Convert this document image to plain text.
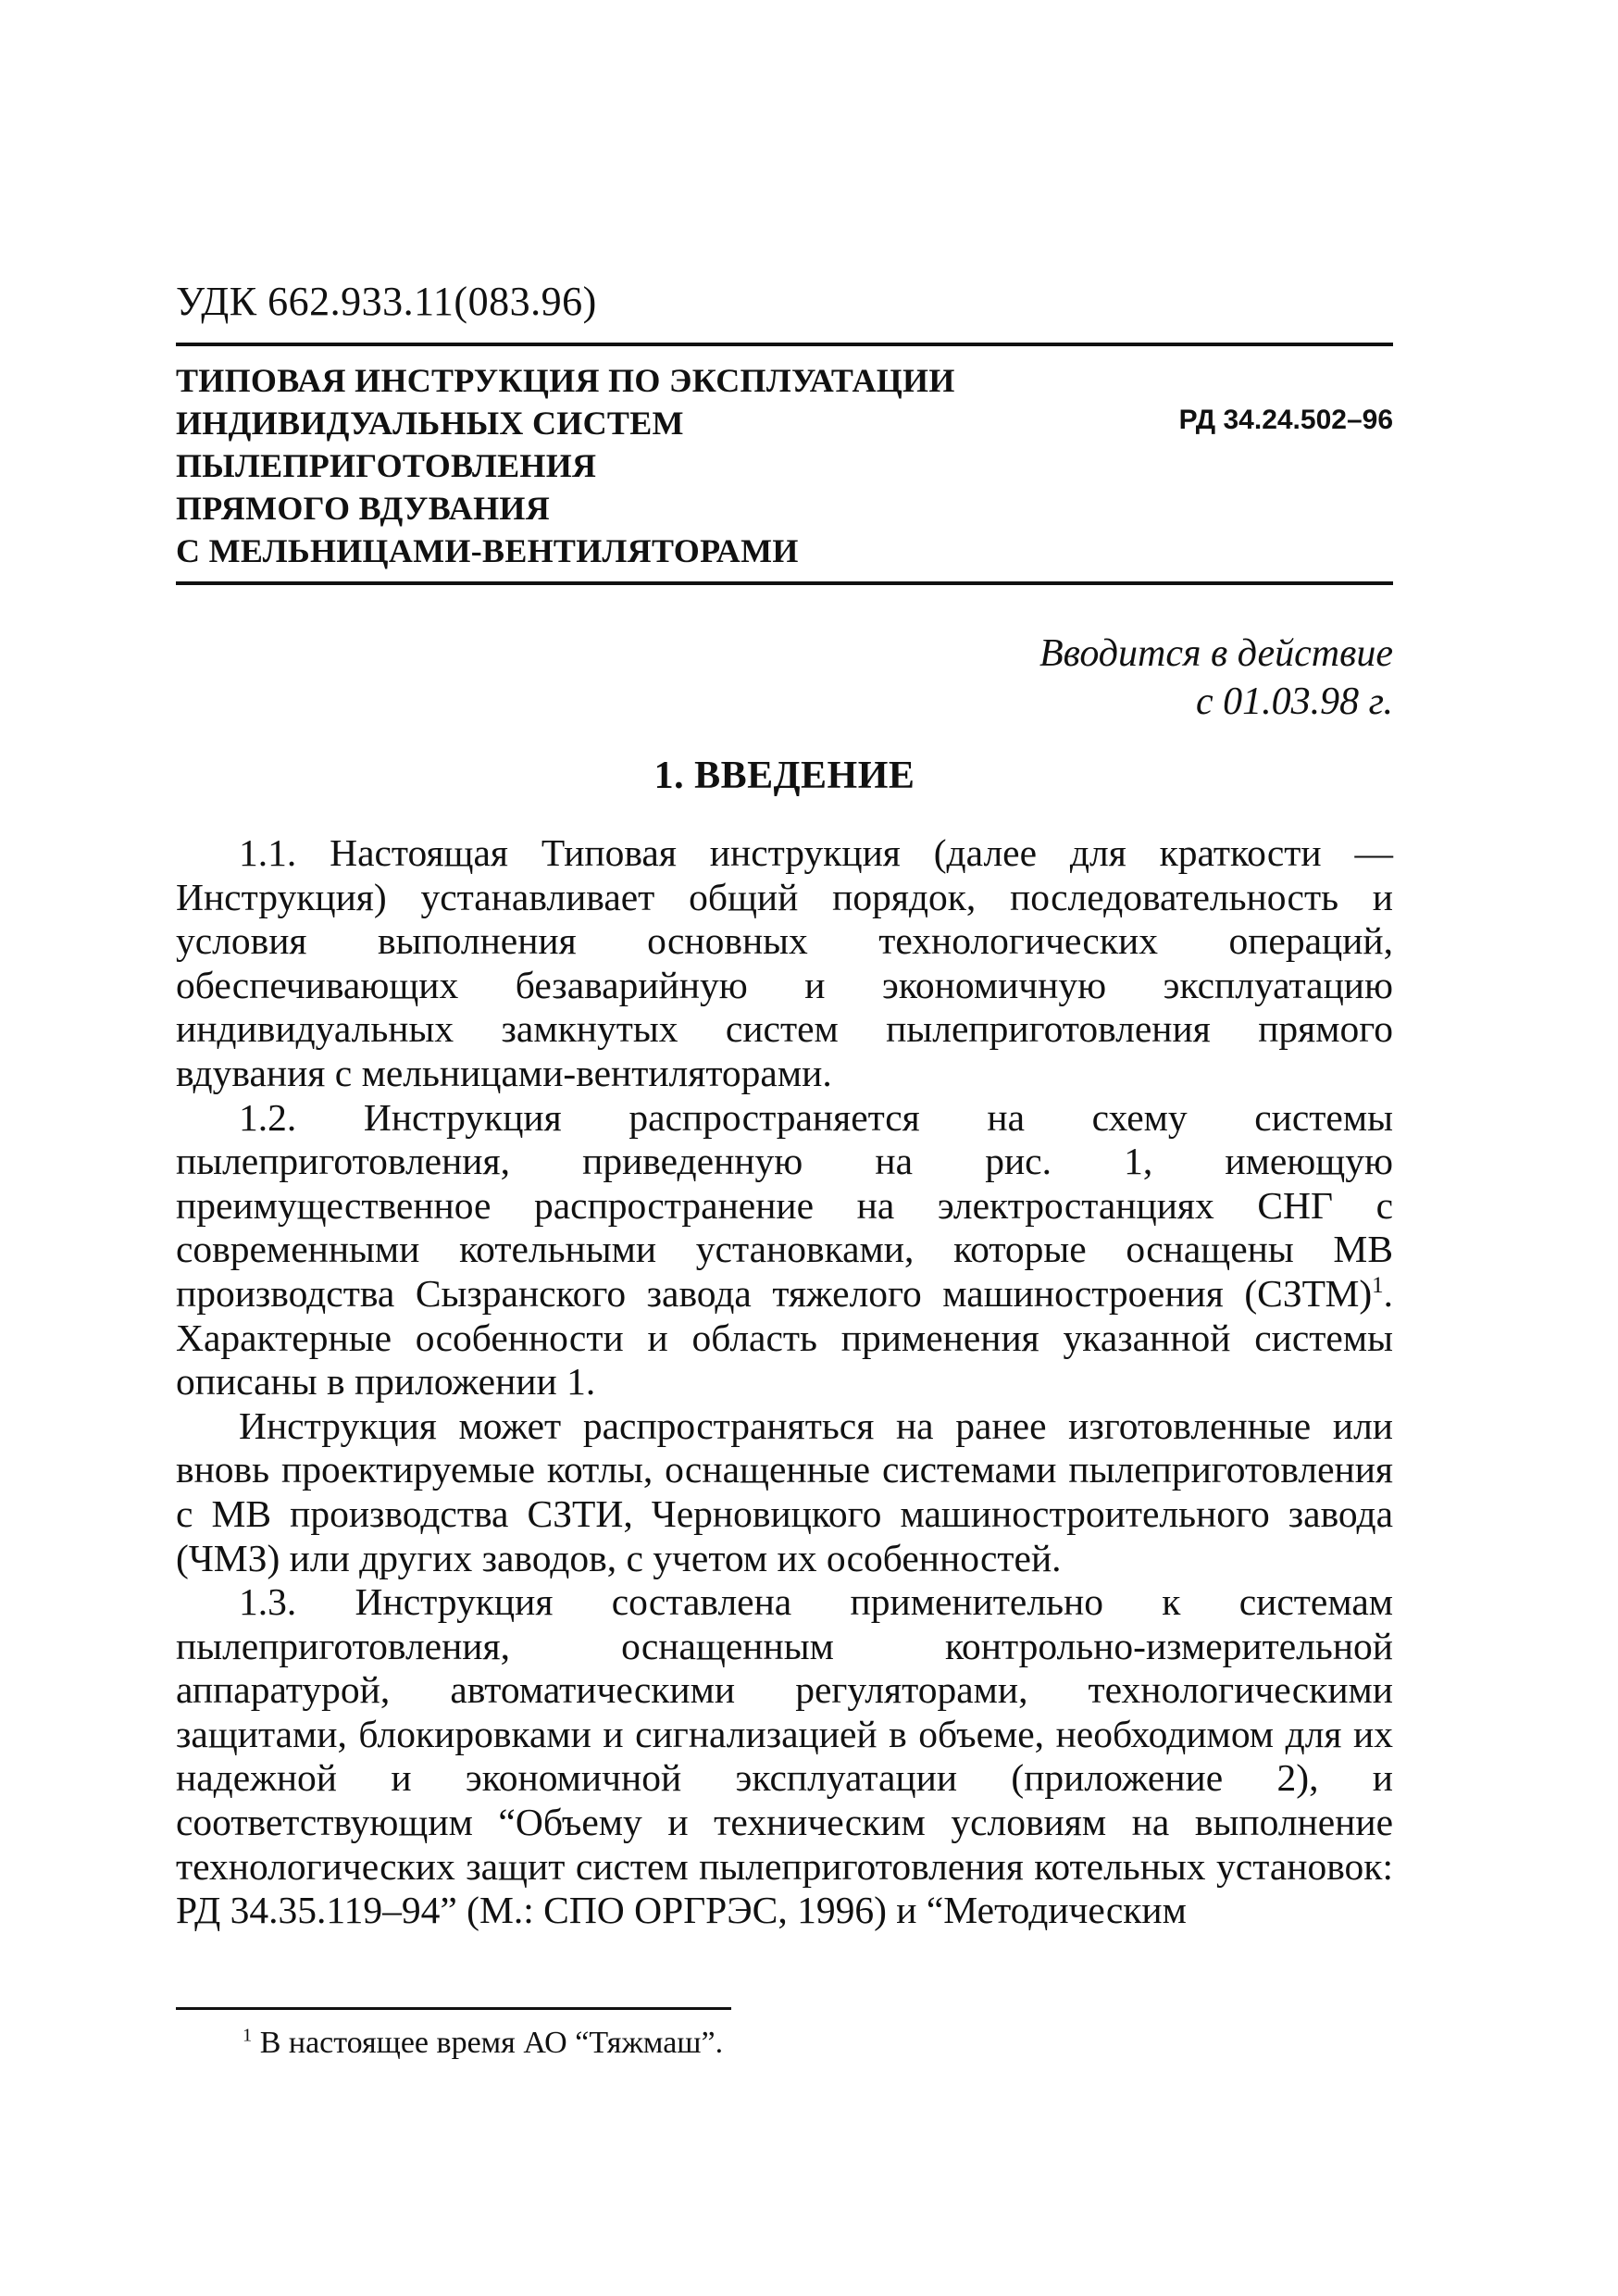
УДК 662.933.11(083.96)

ТИПОВАЯ ИНСТРУКЦИЯ ПО ЭКСПЛУАТАЦИИ
ИНДИВИДУАЛЬНЫХ СИСТЕМ
ПЫЛЕПРИГОТОВЛЕНИЯ
ПРЯМОГО ВДУВАНИЯ
С МЕЛЬНИЦАМИ-ВЕНТИЛЯТОРАМИ
РД 34.24.502–96
Вводится в действие
с 01.03.98 г.
1. ВВЕДЕНИЕ

1.1. Настоящая Типовая инструкция (далее для краткости — Инструкция) устанавливает общий порядок, последовательность и условия выполнения основных технологических операций, обеспечивающих безаварийную и экономичную эксплуатацию индивидуальных замкнутых систем пылеприготовления прямого вдувания с мельницами-вентиляторами.

1.2. Инструкция распространяется на схему системы пылеприготовления, приведенную на рис. 1, имеющую преимущественное распространение на электростанциях СНГ с современными котельными установками, которые оснащены МВ производства Сызранского завода тяжелого машиностроения (СЗТМ)$^1$. Характерные особенности и область применения указанной системы описаны в приложении 1.

Инструкция может распространяться на ранее изготовленные или вновь проектируемые котлы, оснащенные системами пылеприготовления с МВ производства СЗТИ, Черновицкого машиностроительного завода (ЧМЗ) или других заводов, с учетом их особенностей.

1.3. Инструкция составлена применительно к системам пылеприготовления, оснащенным контрольно-измерительной аппаратурой, автоматическими регуляторами, технологическими защитами, блокировками и сигнализацией в объеме, необходимом для их надежной и экономичной эксплуатации (приложение 2), и соответствующим “Объему и техническим условиям на выполнение технологических защит систем пылеприготовления котельных установок: РД 34.35.119–94” (М.: СПО ОРГРЭС, 1996) и “Методическим

$^1$ В настоящее время АО “Тяжмаш”.
